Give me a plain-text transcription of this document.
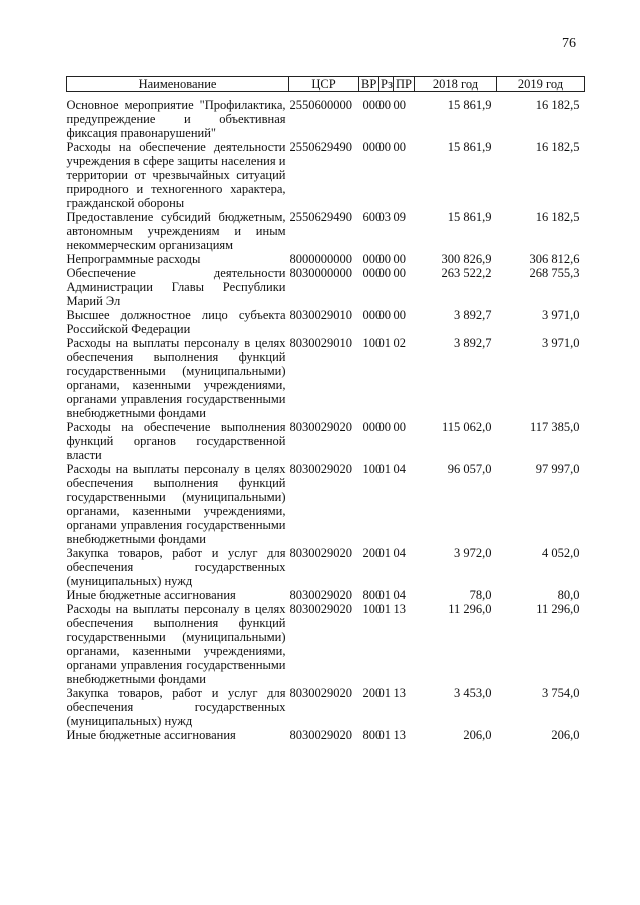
76
Наименование	ЦСР	ВР	Рз	ПР	2018 год	2019 год

Основное мероприятие "Профилактика, предупреждение и объективная фиксация правонарушений"	2550600000	000	00	00	15 861,9	16 182,5
Расходы на обеспечение деятельности учреждения в сфере защиты населения и территории от чрезвычайных ситуаций природного и техногенного характера, гражданской обороны	2550629490	000	00	00	15 861,9	16 182,5
Предоставление субсидий бюджетным, автономным учреждениям и иным некоммерческим организациям	2550629490	600	03	09	15 861,9	16 182,5
Непрограммные расходы	8000000000	000	00	00	300 826,9	306 812,6
Обеспечение деятельности Администрации Главы Республики Марий Эл	8030000000	000	00	00	263 522,2	268 755,3
Высшее должностное лицо субъекта Российской Федерации	8030029010	000	00	00	3 892,7	3 971,0
Расходы на выплаты персоналу в целях обеспечения выполнения функций государственными (муниципальными) органами, казенными учреждениями, органами управления государственными внебюджетными фондами	8030029010	100	01	02	3 892,7	3 971,0
Расходы на обеспечение выполнения функций органов государственной власти	8030029020	000	00	00	115 062,0	117 385,0
Расходы на выплаты персоналу в целях обеспечения выполнения функций государственными (муниципальными) органами, казенными учреждениями, органами управления государственными внебюджетными фондами	8030029020	100	01	04	96 057,0	97 997,0
Закупка товаров, работ и услуг для обеспечения государственных (муниципальных) нужд	8030029020	200	01	04	3 972,0	4 052,0
Иные бюджетные ассигнования	8030029020	800	01	04	78,0	80,0
Расходы на выплаты персоналу в целях обеспечения выполнения функций государственными (муниципальными) органами, казенными учреждениями, органами управления государственными внебюджетными фондами	8030029020	100	01	13	11 296,0	11 296,0
Закупка товаров, работ и услуг для обеспечения государственных (муниципальных) нужд	8030029020	200	01	13	3 453,0	3 754,0
Иные бюджетные ассигнования	8030029020	800	01	13	206,0	206,0
